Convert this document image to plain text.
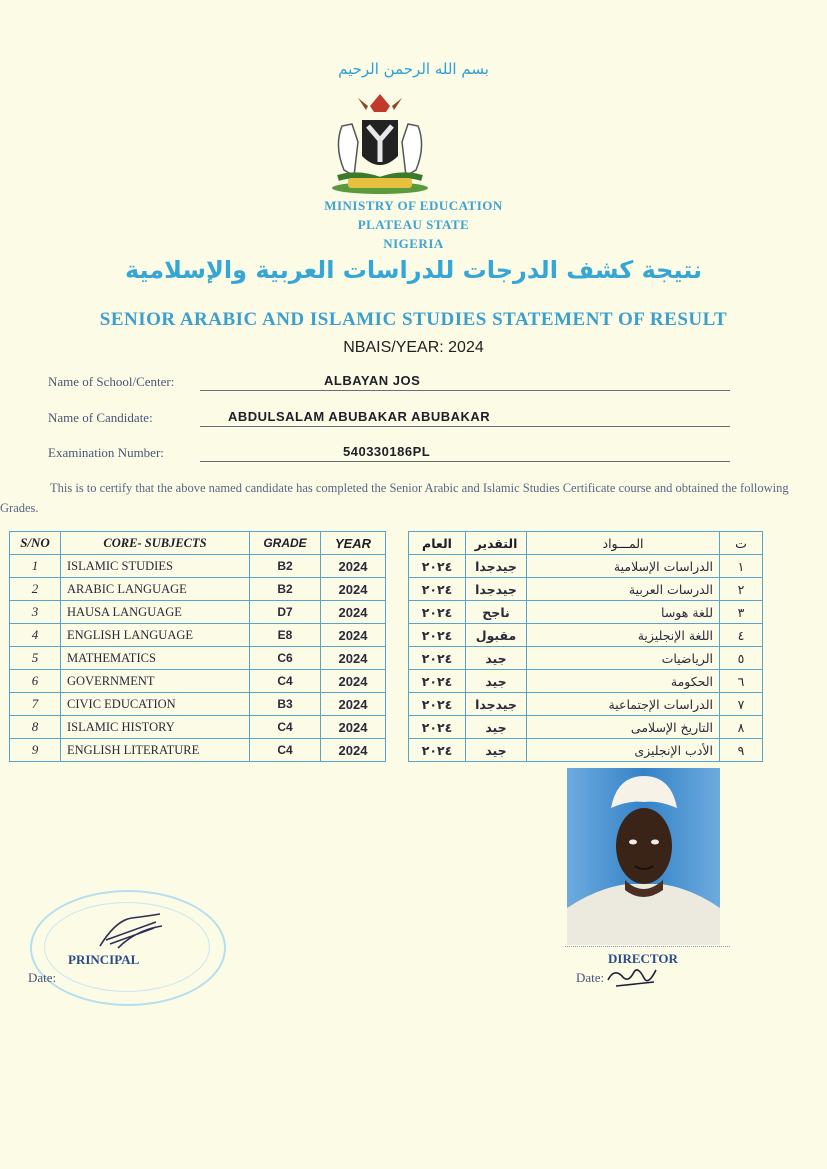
بسم الله الرحمن الرحيم
MINISTRY OF EDUCATION
PLATEAU STATE
NIGERIA
نتيجة كشف الدرجات للدراسات العربية والإسلامية
SENIOR ARABIC AND ISLAMIC STUDIES STATEMENT OF RESULT
NBAIS/YEAR: 2024
Name of School/Center:	ALBAYAN JOS
Name of Candidate:	ABDULSALAM ABUBAKAR ABUBAKAR
Examination Number:	540330186PL
This is to certify that the above named candidate has completed the Senior Arabic and Islamic Studies Certificate course and obtained the following Grades.
S/NO	CORE- SUBJECTS	GRADE	YEAR
1	ISLAMIC STUDIES	B2	2024
2	ARABIC LANGUAGE	B2	2024
3	HAUSA LANGUAGE	D7	2024
4	ENGLISH LANGUAGE	E8	2024
5	MATHEMATICS	C6	2024
6	GOVERNMENT	C4	2024
7	CIVIC EDUCATION	B3	2024
8	ISLAMIC HISTORY	C4	2024
9	ENGLISH LITERATURE	C4	2024
العام	التقدير	المـــواد	ت
٢٠٢٤	جيدجدا	الدراسات الإسلامية	١
٢٠٢٤	جيدجدا	الدرسات العربية	٢
٢٠٢٤	ناجح	للغة هوسا	٣
٢٠٢٤	مقبول	اللغة الإنجليزية	٤
٢٠٢٤	جيد	الرياضيات	٥
٢٠٢٤	جيد	الحكومة	٦
٢٠٢٤	جيدجدا	الدراسات الإجتماعية	٧
٢٠٢٤	جيد	التاريخ الإسلامى	٨
٢٠٢٤	جيد	الأدب الإنجليزى	٩
PRINCIPAL
Date:
DIRECTOR
Date:
